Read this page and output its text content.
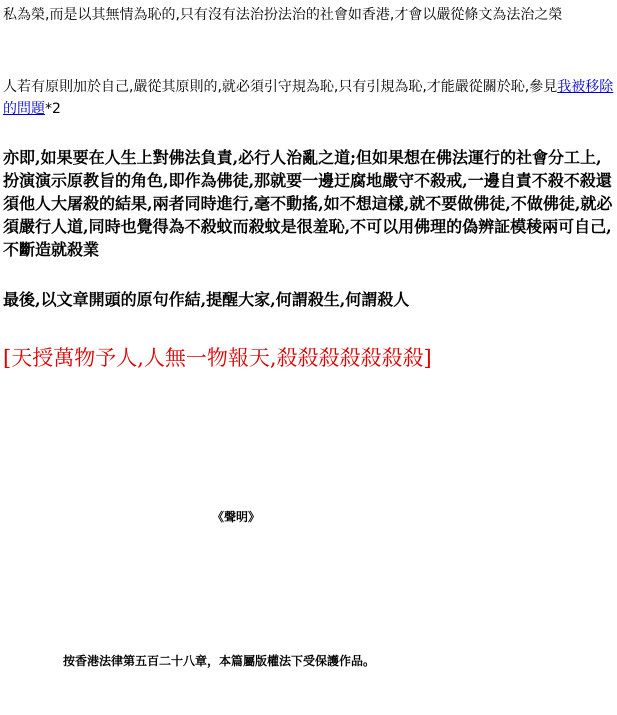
私為榮,而是以其無情為恥的,只有沒有法治扮法治的社會如香港,才會以嚴從條文為法治之榮
人若有原則加於自己,嚴從其原則的,就必須引守規為恥,只有引規為恥,才能嚴從關於恥,參見我被移除的問題*2
亦即,如果要在人生上對佛法負責,必行人治亂之道;但如果想在佛法運行的社會分工上,扮演演示原教旨的角色,即作為佛徒,那就要一邊迂腐地嚴守不殺戒,一邊自責不殺不殺還須他人大屠殺的結果,兩者同時進行,毫不動搖,如不想這樣,就不要做佛徒,不做佛徒,就必須嚴行人道,同時也覺得為不殺蚊而殺蚊是很羞恥,不可以用佛理的偽辨証模稜兩可自己,不斷造就殺業
最後,以文章開頭的原句作結,提醒大家,何謂殺生,何謂殺人
[天授萬物予人,人無一物報天,殺殺殺殺殺殺殺]
《聲明》
按香港法律第五百二十八章，本篇屬版權法下受保護作品。
